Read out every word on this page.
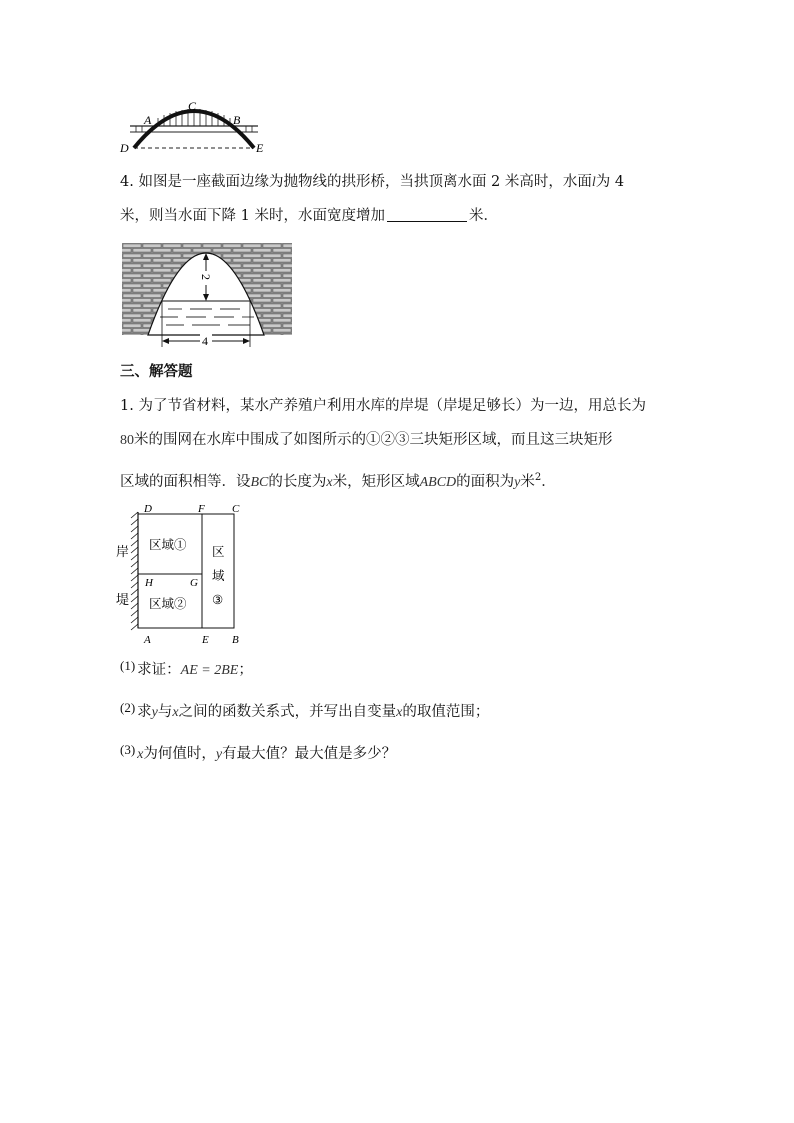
A
C
B
D	E
4. 如图是一座截面边缘为抛物线的拱形桥，当拱顶离水面 2 米高时，水面l为 4
米，则当水面下降 1 米时，水面宽度增加	米．
2
4
三、解答题
1. 为了节省材料，某水产养殖户利用水库的岸堤（岸堤足够长）为一边，用总长为
80米的围网在水库中围成了如图所示的①②③三块矩形区域，而且这三块矩形
区域的面积相等．设BC的长度为x米，矩形区域ABCD的面积为y米$^2$．
岸
堤
区域①
区域②
区
域
③
D	F C
H	G
A	E B
(1) 求证：AE = 2BE；
(2) 求y与x之间的函数关系式，并写出自变量x的取值范围；
(3) x为何值时，y有最大值？最大值是多少？
